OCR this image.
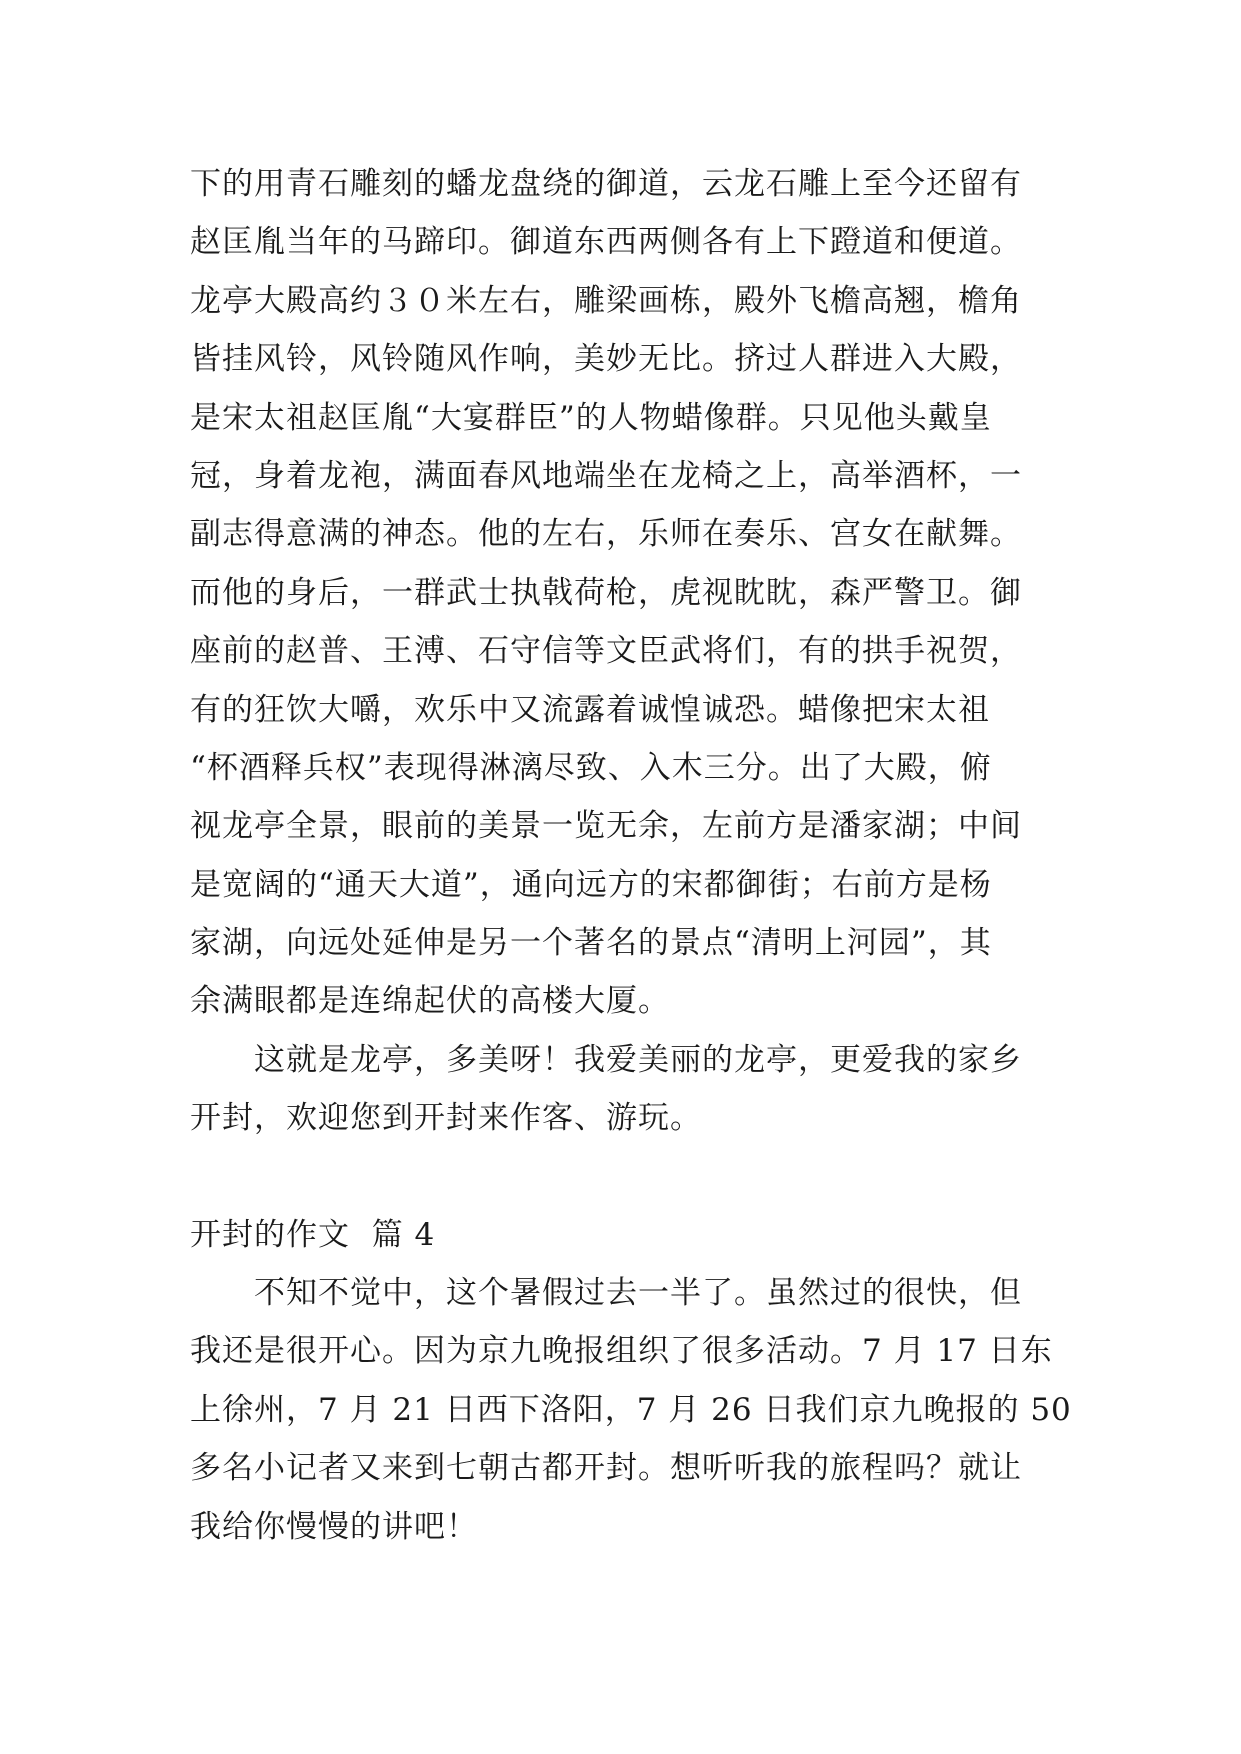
下的用青石雕刻的蟠龙盘绕的御道，云龙石雕上至今还留有
赵匡胤当年的马蹄印。御道东西两侧各有上下蹬道和便道。
龙亭大殿高约３０米左右，雕梁画栋，殿外飞檐高翘，檐角
皆挂风铃，风铃随风作响，美妙无比。挤过人群进入大殿，
是宋太祖赵匡胤“大宴群臣”的人物蜡像群。只见他头戴皇
冠，身着龙袍，满面春风地端坐在龙椅之上，高举酒杯，一
副志得意满的神态。他的左右，乐师在奏乐、宫女在献舞。
而他的身后，一群武士执戟荷枪，虎视眈眈，森严警卫。御
座前的赵普、王溥、石守信等文臣武将们，有的拱手祝贺，
有的狂饮大嚼，欢乐中又流露着诚惶诚恐。蜡像把宋太祖
“杯酒释兵权”表现得淋漓尽致、入木三分。出了大殿，俯
视龙亭全景，眼前的美景一览无余，左前方是潘家湖；中间
是宽阔的“通天大道”，通向远方的宋都御街；右前方是杨
家湖，向远处延伸是另一个著名的景点“清明上河园”，其
余满眼都是连绵起伏的高楼大厦。
这就是龙亭，多美呀！我爱美丽的龙亭，更爱我的家乡
开封，欢迎您到开封来作客、游玩。
开封的作文  篇 4
不知不觉中，这个暑假过去一半了。虽然过的很快，但
我还是很开心。因为京九晚报组织了很多活动。7 月 17 日东
上徐州，7 月 21 日西下洛阳，7 月 26 日我们京九晚报的 50
多名小记者又来到七朝古都开封。想听听我的旅程吗？就让
我给你慢慢的讲吧！
